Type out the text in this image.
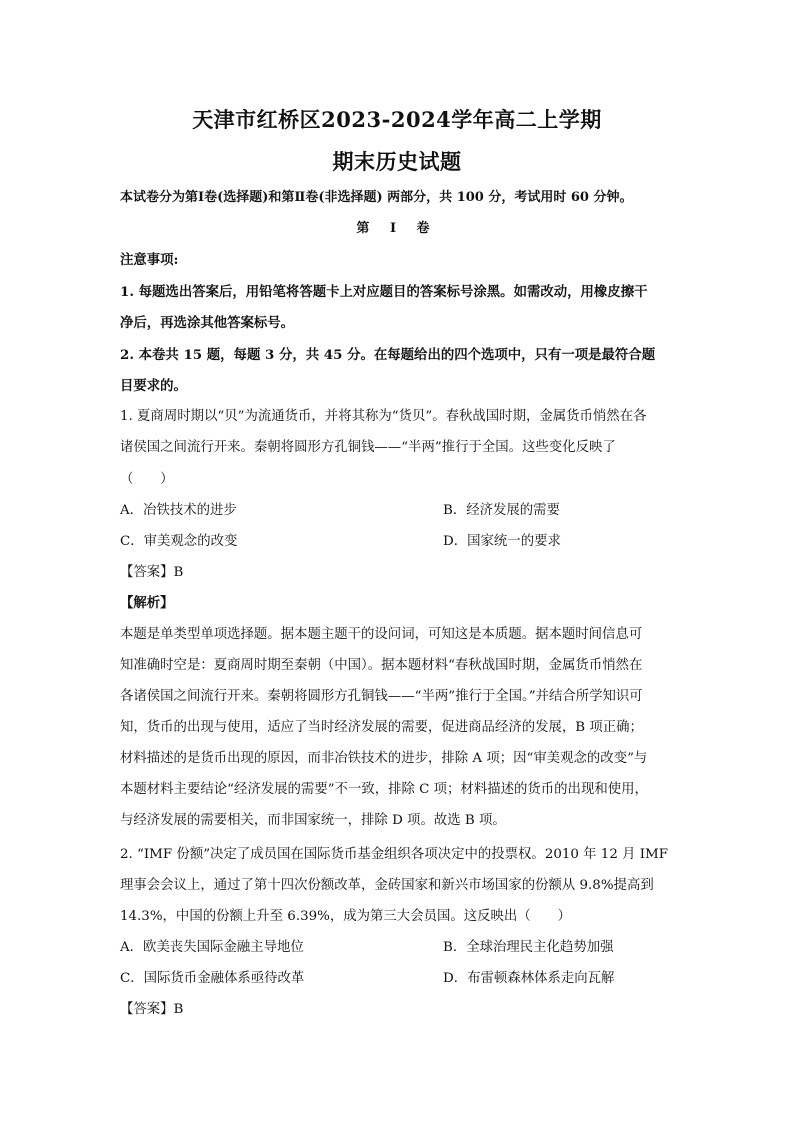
天津市红桥区2023-2024学年高二上学期
期末历史试题
本试卷分为第Ⅰ卷(选择题)和第Ⅱ卷(非选择题) 两部分，共 100 分，考试用时 60 分钟。
第 Ⅰ 卷
注意事项:
1. 每题选出答案后，用铅笔将答题卡上对应题目的答案标号涂黑。如需改动，用橡皮擦干
净后，再选涂其他答案标号。
2. 本卷共 15 题，每题 3 分，共 45 分。在每题给出的四个选项中，只有一项是最符合题
目要求的。
1. 夏商周时期以“贝”为流通货币，并将其称为“货贝”。春秋战国时期，金属货币悄然在各
诸侯国之间流行开来。秦朝将圆形方孔铜钱——“半两”推行于全国。这些变化反映了
（　　）
A．冶铁技术的进步	B．经济发展的需要
C．审美观念的改变	D．国家统一的要求
【答案】B
【解析】
本题是单类型单项选择题。据本题主题干的设问词，可知这是本质题。据本题时间信息可
知准确时空是：夏商周时期至秦朝（中国）。据本题材料“春秋战国时期，金属货币悄然在
各诸侯国之间流行开来。秦朝将圆形方孔铜钱——“半两”推行于全国。”并结合所学知识可
知，货币的出现与使用，适应了当时经济发展的需要，促进商品经济的发展，B 项正确；
材料描述的是货币出现的原因，而非冶铁技术的进步，排除 A 项；因“审美观念的改变”与
本题材料主要结论“经济发展的需要”不一致，排除 C 项；材料描述的货币的出现和使用，
与经济发展的需要相关，而非国家统一，排除 D 项。故选 B 项。
2. “IMF 份额”决定了成员国在国际货币基金组织各项决定中的投票权。2010 年 12 月 IMF
理事会会议上，通过了第十四次份额改革，金砖国家和新兴市场国家的份额从 9.8%提高到
14.3%，中国的份额上升至 6.39%，成为第三大会员国。这反映出（　　）
A．欧美丧失国际金融主导地位	B．全球治理民主化趋势加强
C．国际货币金融体系亟待改革	D．布雷顿森林体系走向瓦解
【答案】B
